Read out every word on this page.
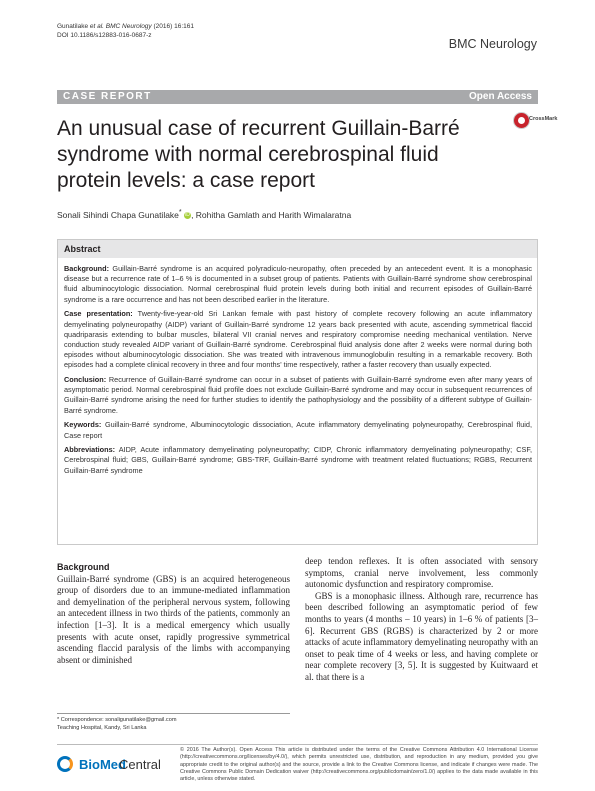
Gunatilake et al. BMC Neurology (2016) 16:161
DOI 10.1186/s12883-016-0687-z
BMC Neurology
CASE REPORT	Open Access
An unusual case of recurrent Guillain-Barré syndrome with normal cerebrospinal fluid protein levels: a case report
CrossMark
Sonali Sihindi Chapa Gunatilake* iD, Rohitha Gamlath and Harith Wimalaratna
Abstract

Background: Guillain-Barré syndrome is an acquired polyradiculo-neuropathy, often preceded by an antecedent event. It is a monophasic disease but a recurrence rate of 1–6 % is documented in a subset group of patients. Patients with Guillain-Barré syndrome show cerebrospinal fluid albuminocytologic dissociation. Normal cerebrospinal fluid protein levels during both initial and recurrent episodes of Guillain-Barré syndrome is a rare occurrence and has not been described earlier in the literature.

Case presentation: Twenty-five-year-old Sri Lankan female with past history of complete recovery following an acute inflammatory demyelinating polyneuropathy (AIDP) variant of Guillain-Barré syndrome 12 years back presented with acute, ascending symmetrical flaccid quadriparasis extending to bulbar muscles, bilateral VII cranial nerves and respiratory compromise needing mechanical ventilation. Nerve conduction study revealed AIDP variant of Guillain-Barré syndrome. Cerebrospinal fluid analysis done after 2 weeks were normal during both episodes without albuminocytologic dissociation. She was treated with intravenous immunoglobulin resulting in a remarkable recovery. Both episodes had a complete clinical recovery in three and four months' time respectively, rather a faster recovery than usually expected.

Conclusion: Recurrence of Guillain-Barré syndrome can occur in a subset of patients with Guillain-Barré syndrome even after many years of asymptomatic period. Normal cerebrospinal fluid profile does not exclude Guillain-Barré syndrome and may occur in subsequent recurrences of Guillain-Barré syndrome arising the need for further studies to identify the pathophysiology and the possibility of a different subtype of Guillain-Barré syndrome.

Keywords: Guillain-Barré syndrome, Albuminocytologic dissociation, Acute inflammatory demyelinating polyneuropathy, Cerebrospinal fluid, Case report

Abbreviations: AIDP, Acute inflammatory demyelinating polyneuropathy; CIDP, Chronic inflammatory demyelinating polyneuropathy; CSF, Cerebrospinal fluid; GBS, Guillain-Barré syndrome; GBS-TRF, Guillain-Barré syndrome with treatment related fluctuations; RGBS, Recurrent Guillain-Barré syndrome

Background

Guillain-Barré syndrome (GBS) is an acquired heterogeneous group of disorders due to an immune-mediated inflammation and demyelination of the peripheral nervous system, following an antecedent illness in two thirds of the patients, commonly an infection [1–3]. It is a medical emergency which usually presents with acute onset, rapidly progressive symmetrical ascending flaccid paralysis of the limbs with accompanying absent or diminished

deep tendon reflexes. It is often associated with sensory symptoms, cranial nerve involvement, less commonly autonomic dysfunction and respiratory compromise.

GBS is a monophasic illness. Although rare, recurrence has been described following an asymptomatic period of few months to years (4 months – 10 years) in 1–6 % of patients [3–6]. Recurrent GBS (RGBS) is characterized by 2 or more attacks of acute inflammatory demyelinating neuropathy with an onset to peak time of 4 weeks or less, and having complete or near complete recovery [3, 5]. It is suggested by Kuitwaard et al. that there is a

* Correspondence: sonaligunatilake@gmail.com
Teaching Hospital, Kandy, Sri Lanka
BioMed
Central
© 2016 The Author(s). Open Access This article is distributed under the terms of the Creative Commons Attribution 4.0 International License (http://creativecommons.org/licenses/by/4.0/), which permits unrestricted use, distribution, and reproduction in any medium, provided you give appropriate credit to the original author(s) and the source, provide a link to the Creative Commons license, and indicate if changes were made. The Creative Commons Public Domain Dedication waiver (http://creativecommons.org/publicdomain/zero/1.0/) applies to the data made available in this article, unless otherwise stated.
